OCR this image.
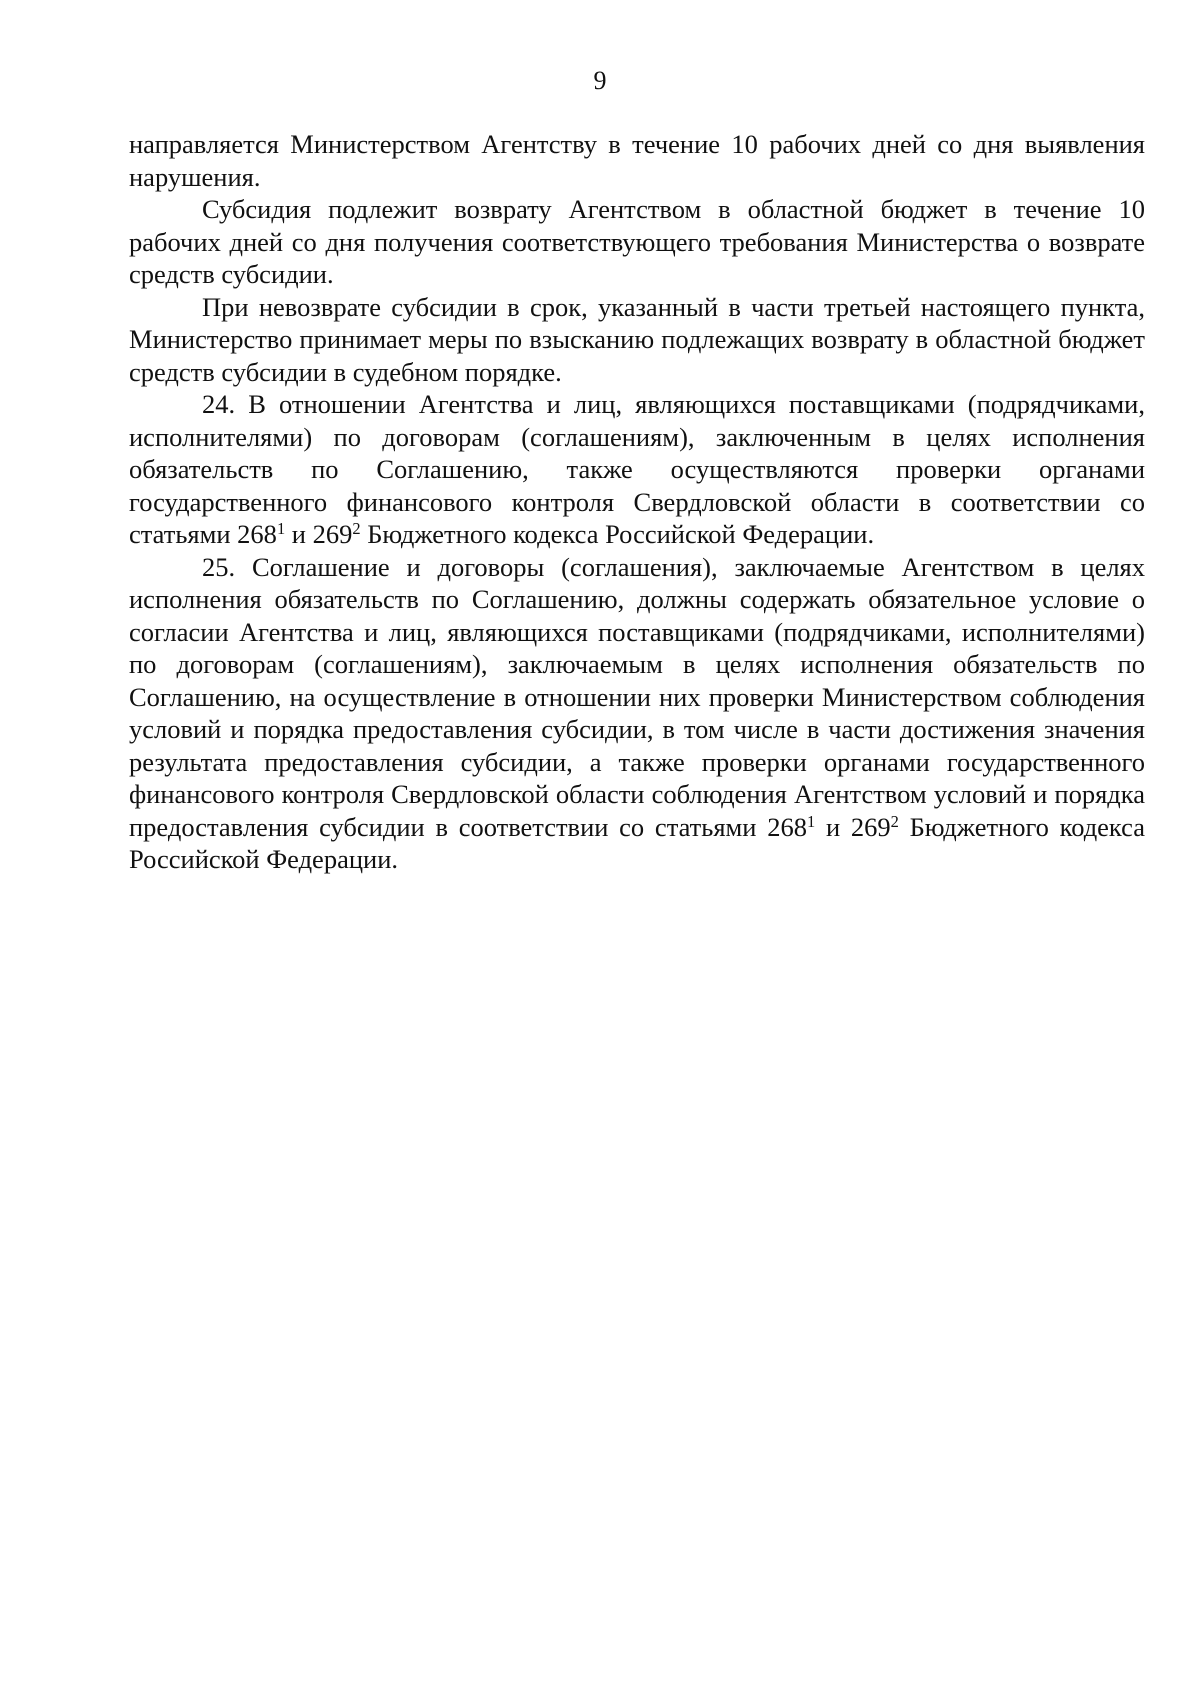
9

направляется Министерством Агентству в течение 10 рабочих дней со дня выявления нарушения.

Субсидия подлежит возврату Агентством в областной бюджет в течение 10 рабочих дней со дня получения соответствующего требования Министерства о возврате средств субсидии.

При невозврате субсидии в срок, указанный в части третьей настоящего пункта, Министерство принимает меры по взысканию подлежащих возврату в областной бюджет средств субсидии в судебном порядке.

24. В отношении Агентства и лиц, являющихся поставщиками (подрядчиками, исполнителями) по договорам (соглашениям), заключенным в целях исполнения обязательств по Соглашению, также осуществляются проверки органами государственного финансового контроля Свердловской области в соответствии со статьями $268^1$ и $269^2$ Бюджетного кодекса Российской Федерации.

25. Соглашение и договоры (соглашения), заключаемые Агентством в целях исполнения обязательств по Соглашению, должны содержать обязательное условие о согласии Агентства и лиц, являющихся поставщиками (подрядчиками, исполнителями) по договорам (соглашениям), заключаемым в целях исполнения обязательств по Соглашению, на осуществление в отношении них проверки Министерством соблюдения условий и порядка предоставления субсидии, в том числе в части достижения значения результата предоставления субсидии, а также проверки органами государственного финансового контроля Свердловской области соблюдения Агентством условий и порядка предоставления субсидии в соответствии со статьями $268^1$ и $269^2$ Бюджетного кодекса Российской Федерации.
